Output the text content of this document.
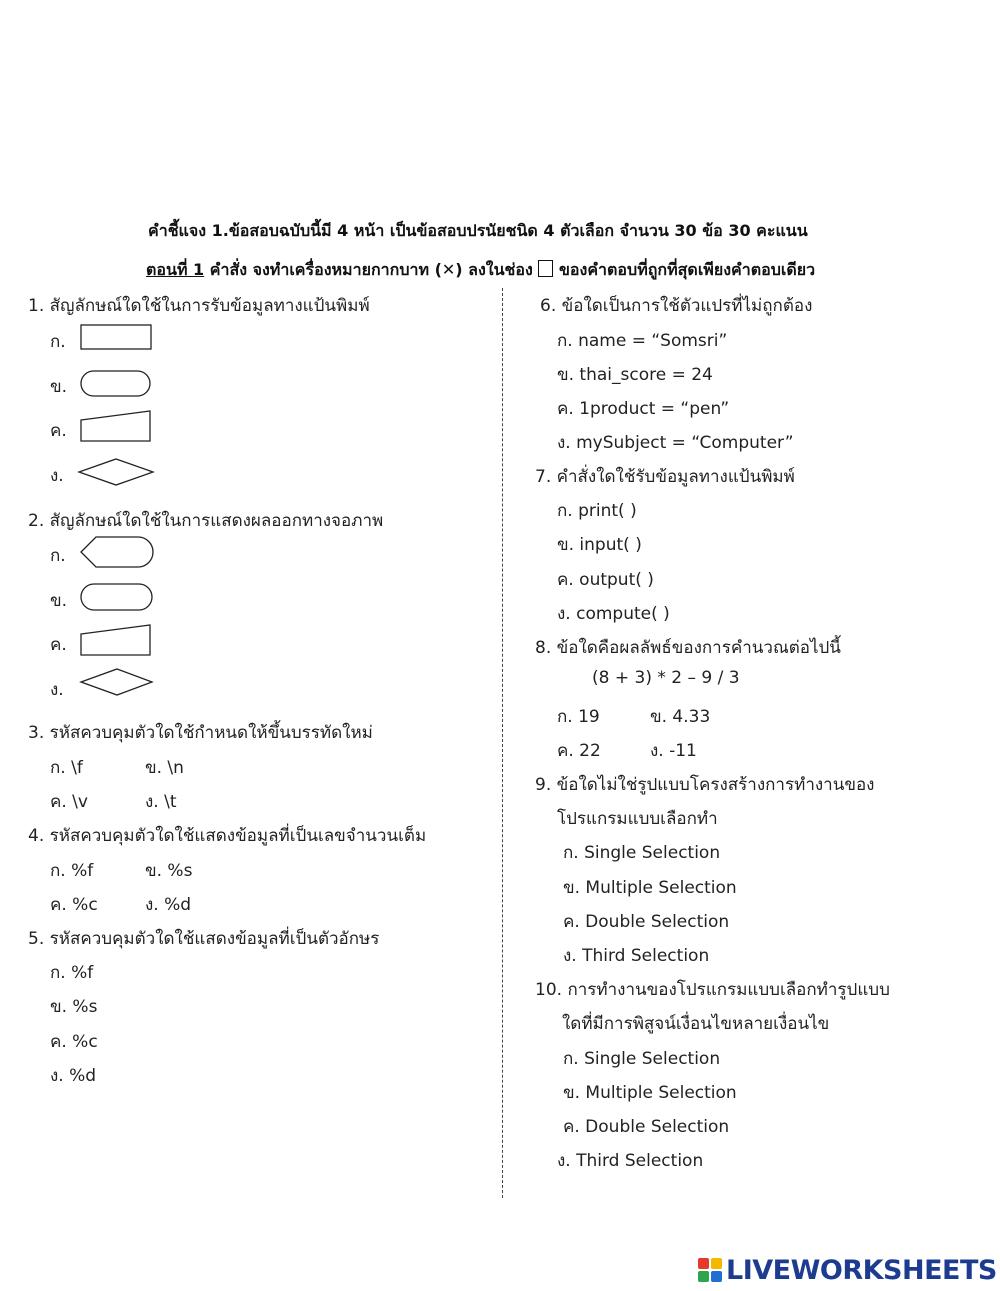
คำชี้แจง 1.ข้อสอบฉบับนี้มี 4 หน้า เป็นข้อสอบปรนัยชนิด 4 ตัวเลือก จำนวน 30 ข้อ 30 คะแนน
ตอนที่ 1 คำสั่ง จงทำเครื่องหมายกากบาท (✕) ลงในช่อง  ของคำตอบที่ถูกที่สุดเพียงคำตอบเดียว
1. สัญลักษณ์ใดใช้ในการรับข้อมูลทางแป้นพิมพ์
ก.
ข.
ค.
ง.
2. สัญลักษณ์ใดใช้ในการแสดงผลออกทางจอภาพ
ก.
ข.
ค.
ง.
3. รหัสควบคุมตัวใดใช้กำหนดให้ขึ้นบรรทัดใหม่
ก. \f	ข. \n
ค. \v	ง. \t
4. รหัสควบคุมตัวใดใช้แสดงข้อมูลที่เป็นเลขจำนวนเต็ม
ก. %f	ข. %s
ค. %c	ง. %d
5. รหัสควบคุมตัวใดใช้แสดงข้อมูลที่เป็นตัวอักษร
ก. %f
ข. %s
ค. %c
ง. %d
6. ข้อใดเป็นการใช้ตัวแปรที่ไม่ถูกต้อง
ก. name = “Somsri”
ข. thai_score = 24
ค. 1product = “pen”
ง. mySubject = “Computer”
7. คำสั่งใดใช้รับข้อมูลทางแป้นพิมพ์
ก. print( )
ข. input( )
ค. output( )
ง. compute( )
8. ข้อใดคือผลลัพธ์ของการคำนวณต่อไปนี้
(8 + 3) * 2 – 9 / 3
ก. 19	ข. 4.33
ค. 22	ง. -11
9. ข้อใดไม่ใช่รูปแบบโครงสร้างการทำงานของ
โปรแกรมแบบเลือกทำ
ก. Single Selection
ข. Multiple Selection
ค. Double Selection
ง. Third Selection
10. การทำงานของโปรแกรมแบบเลือกทำรูปแบบ
ใดที่มีการพิสูจน์เงื่อนไขหลายเงื่อนไข
ก. Single Selection
ข. Multiple Selection
ค. Double Selection
ง. Third Selection
LIVEWORKSHEETS
